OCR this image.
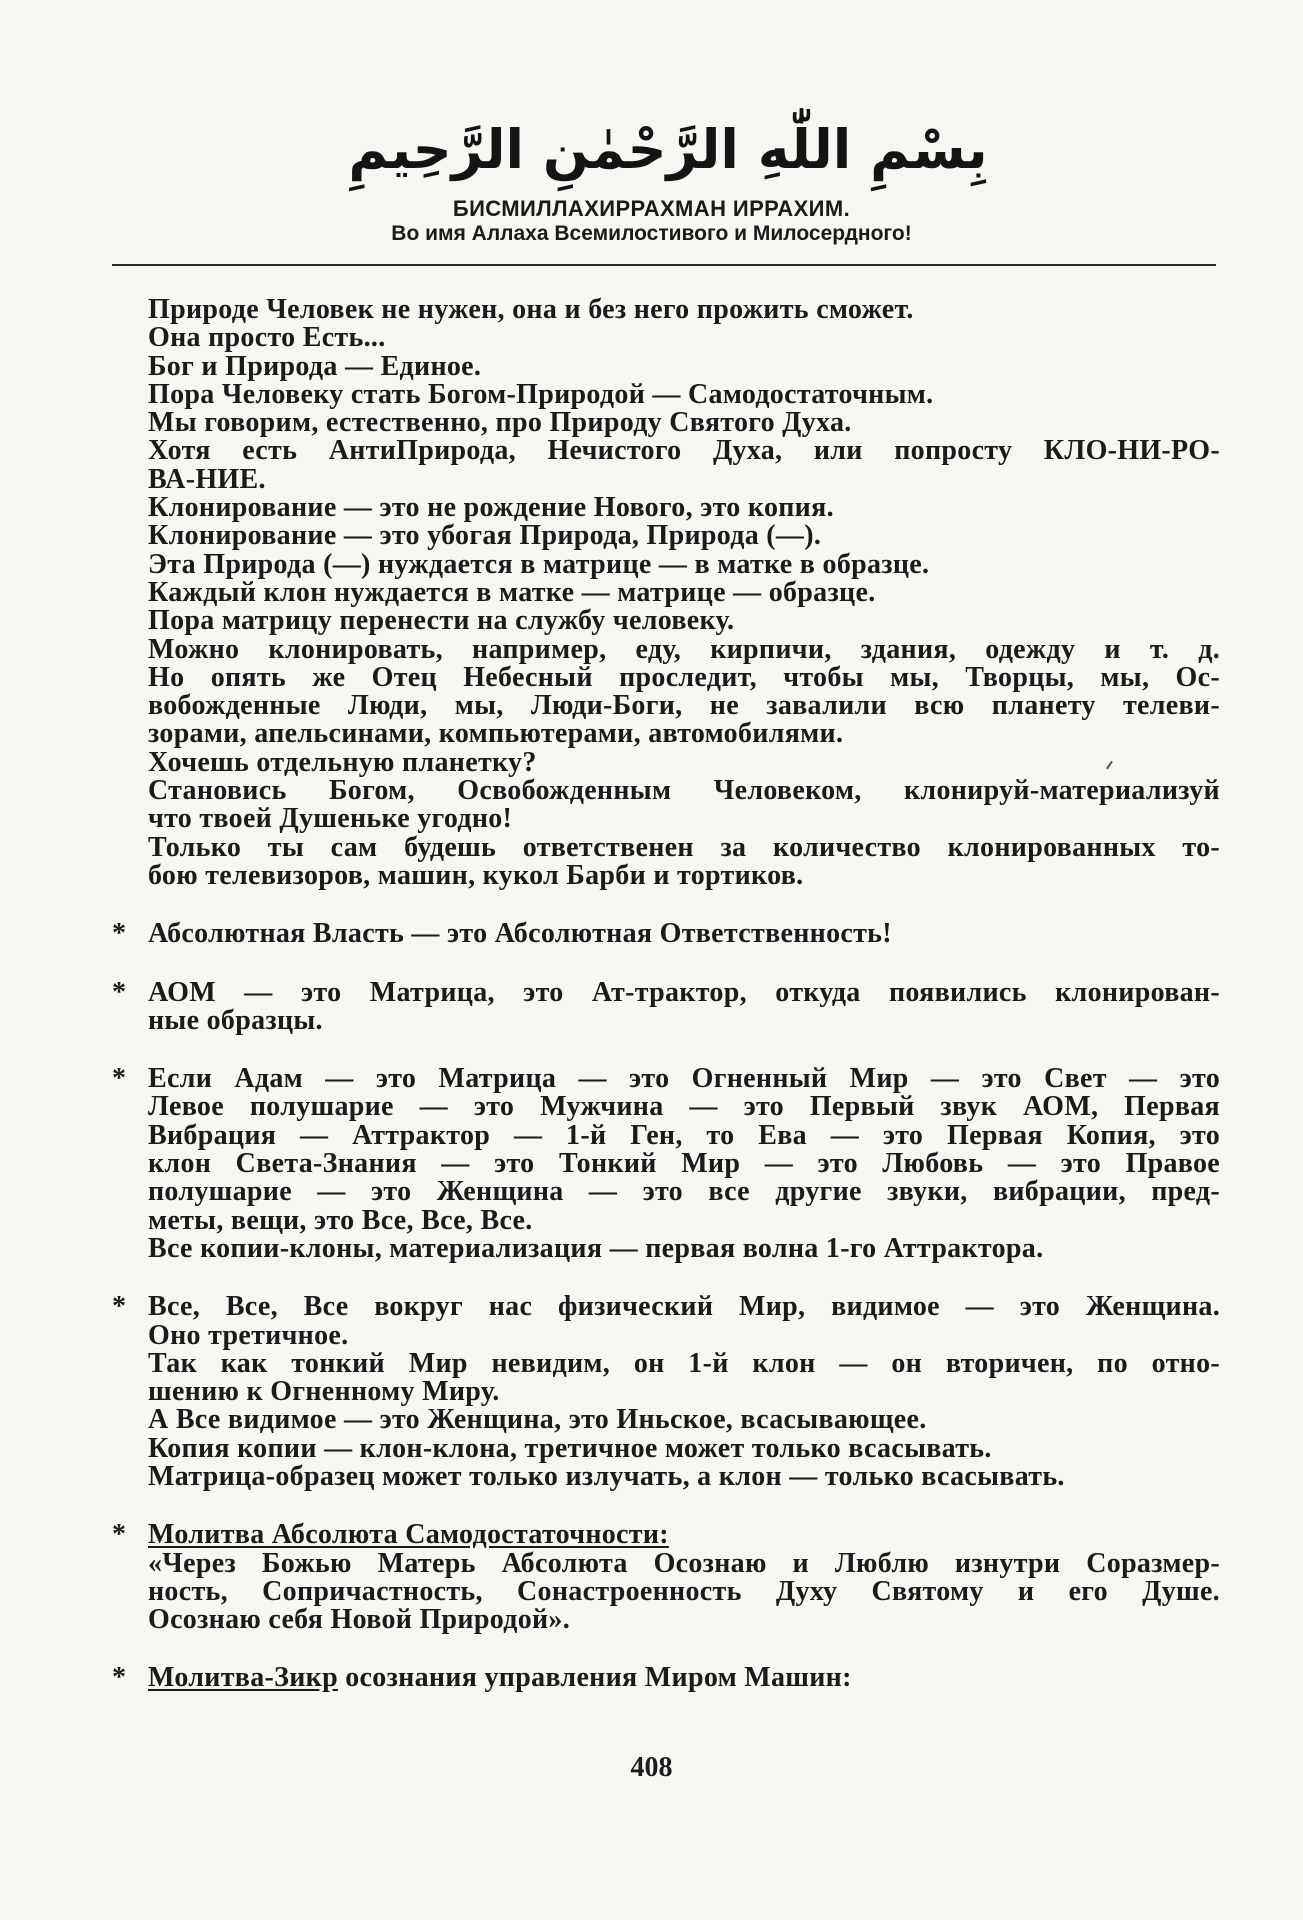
بِسْمِ اللّٰهِ الرَّحْمٰنِ الرَّحِيمِ
БИСМИЛЛАХИРРАХМАН ИРРАХИМ.
Во имя Аллаха Всемилостивого и Милосердного!
Природе Человек не нужен, она и без него прожить сможет.
Она просто Есть...
Бог и Природа — Единое.
Пора Человеку стать Богом-Природой — Самодостаточным.
Мы говорим, естественно, про Природу Святого Духа.
Хотя есть АнтиПрирода, Нечистого Духа, или попросту КЛО-НИ-РО-
ВА-НИЕ.
Клонирование — это не рождение Нового, это копия.
Клонирование — это убогая Природа, Природа (—).
Эта Природа (—) нуждается в матрице — в матке в образце.
Каждый клон нуждается в матке — матрице — образце.
Пора матрицу перенести на службу человеку.
Можно клонировать, например, еду, кирпичи, здания, одежду и т. д.
Но опять же Отец Небесный проследит, чтобы мы, Творцы, мы, Ос-
вобожденные Люди, мы, Люди-Боги, не завалили всю планету телеви-
зорами, апельсинами, компьютерами, автомобилями.
Хочешь отдельную планетку?
Становись Богом, Освобожденным Человеком, клонируй-материализуй
что твоей Душеньке угодно!
Только ты сам будешь ответственен за количество клонированных то-
бою телевизоров, машин, кукол Барби и тортиков.
* Абсолютная Власть — это Абсолютная Ответственность!
* АОМ — это Матрица, это Ат-трактор, откуда появились клонирован-
ные образцы.
* Если Адам — это Матрица — это Огненный Мир — это Свет — это
Левое полушарие — это Мужчина — это Первый звук АОМ, Первая
Вибрация — Аттрактор — 1-й Ген, то Ева — это Первая Копия, это
клон Света-Знания — это Тонкий Мир — это Любовь — это Правое
полушарие — это Женщина — это все другие звуки, вибрации, пред-
меты, вещи, это Все, Все, Все.
Все копии-клоны, материализация — первая волна 1-го Аттрактора.
* Все, Все, Все вокруг нас физический Мир, видимое — это Женщина.
Оно третичное.
Так как тонкий Мир невидим, он 1-й клон — он вторичен, по отно-
шению к Огненному Миру.
А Все видимое — это Женщина, это Иньское, всасывающее.
Копия копии — клон-клона, третичное может только всасывать.
Матрица-образец может только излучать, а клон — только всасывать.
* Молитва Абсолюта Самодостаточности:
«Через Божью Матерь Абсолюта Осознаю и Люблю изнутри Соразмер-
ность, Сопричастность, Сонастроенность Духу Святому и его Душе.
Осознаю себя Новой Природой».
* Молитва-Зикр осознания управления Миром Машин:
408
